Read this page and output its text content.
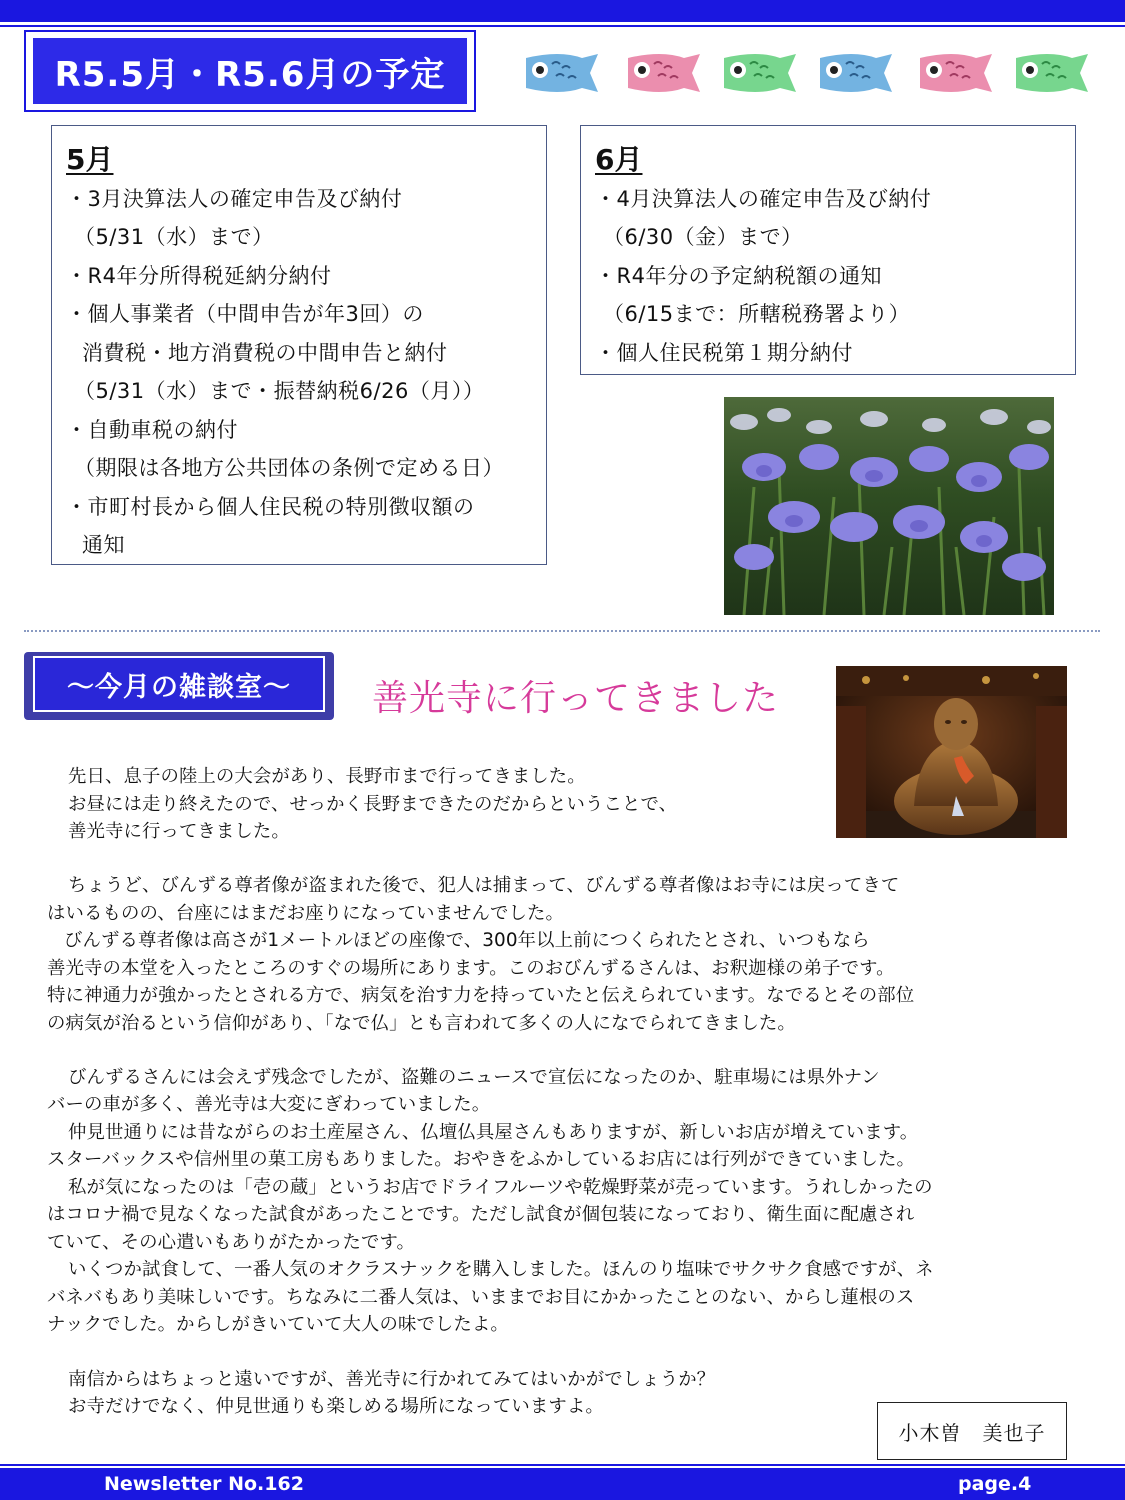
R5.5月・R5.6月の予定
5月
・3月決算法人の確定申告及び納付
（5/31（水）まで）
・R4年分所得税延納分納付
・個人事業者（中間申告が年3回）の
消費税・地方消費税の中間申告と納付
（5/31（水）まで・振替納税6/26（月））
・自動車税の納付
（期限は各地方公共団体の条例で定める日）
・市町村長から個人住民税の特別徴収額の
通知
6月
・4月決算法人の確定申告及び納付
（6/30（金）まで）
・R4年分の予定納税額の通知
（6/15まで：所轄税務署より）
・個人住民税第１期分納付
～今月の雑談室～	善光寺に行ってきました
先日、息子の陸上の大会があり、長野市まで行ってきました。
お昼には走り終えたので、せっかく長野まできたのだからということで、
善光寺に行ってきました。
ちょうど、びんずる尊者像が盗まれた後で、犯人は捕まって、びんずる尊者像はお寺には戻ってきて
はいるものの、台座にはまだお座りになっていませんでした。
びんずる尊者像は高さが1メートルほどの座像で、300年以上前につくられたとされ、いつもなら
善光寺の本堂を入ったところのすぐの場所にあります。このおびんずるさんは、お釈迦様の弟子です。
特に神通力が強かったとされる方で、病気を治す力を持っていたと伝えられています。なでるとその部位
の病気が治るという信仰があり、「なで仏」とも言われて多くの人になでられてきました。
びんずるさんには会えず残念でしたが、盗難のニュースで宣伝になったのか、駐車場には県外ナン
バーの車が多く、善光寺は大変にぎわっていました。
仲見世通りには昔ながらのお土産屋さん、仏壇仏具屋さんもありますが、新しいお店が増えています。
スターバックスや信州里の菓工房もありました。おやきをふかしているお店には行列ができていました。
私が気になったのは「壱の蔵」というお店でドライフルーツや乾燥野菜が売っています。うれしかったの
はコロナ禍で見なくなった試食があったことです。ただし試食が個包装になっており、衛生面に配慮され
ていて、その心遣いもありがたかったです。
いくつか試食して、一番人気のオクラスナックを購入しました。ほんのり塩味でサクサク食感ですが、ネ
バネバもあり美味しいです。ちなみに二番人気は、いままでお目にかかったことのない、からし蓮根のス
ナックでした。からしがきいていて大人の味でしたよ。
南信からはちょっと遠いですが、善光寺に行かれてみてはいかがでしょうか？
お寺だけでなく、仲見世通りも楽しめる場所になっていますよ。
小木曽　美也子
Newsletter No.162	page.4
